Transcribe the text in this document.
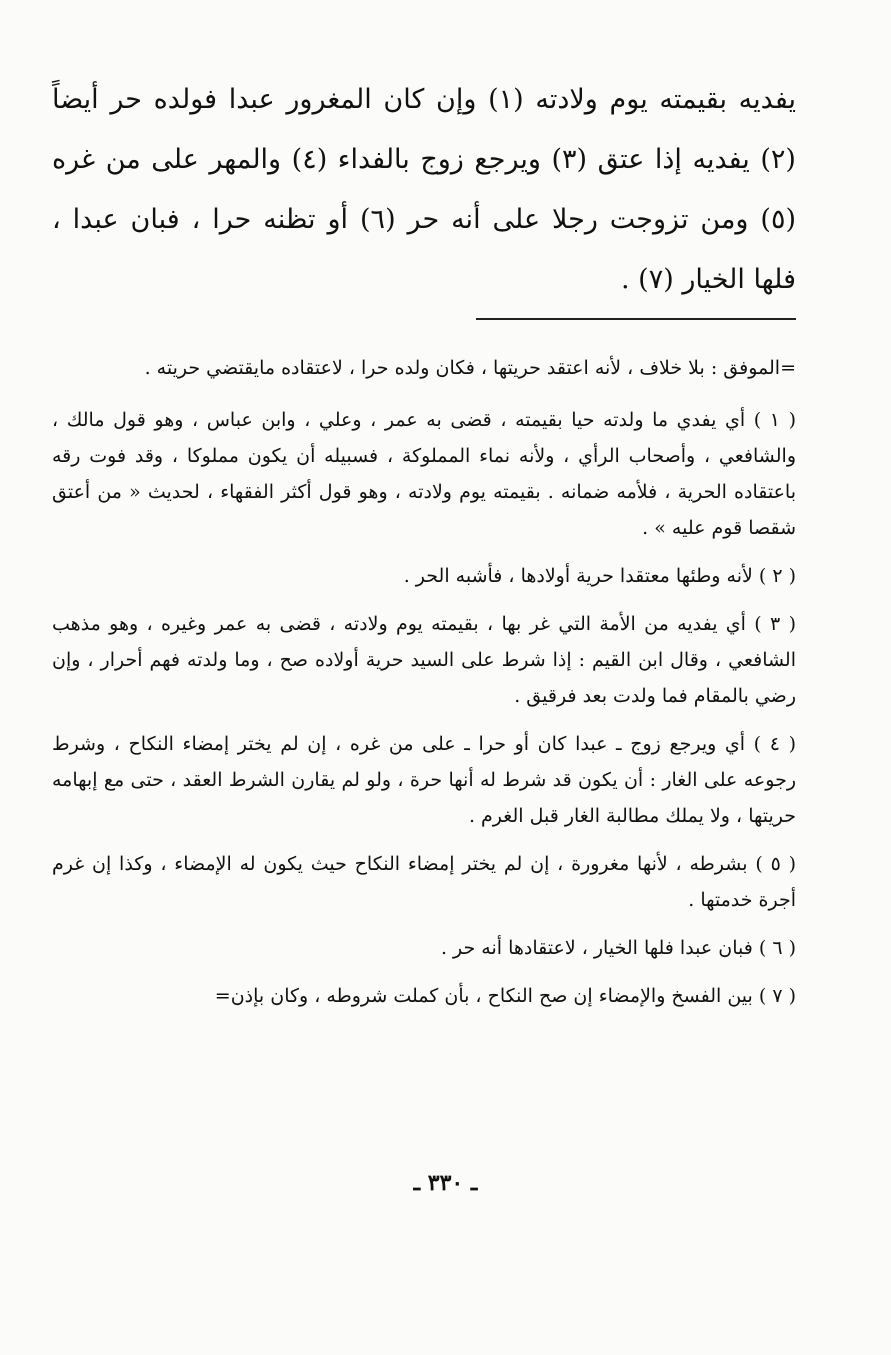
يفديه بقيمته يوم ولادته (١) وإن كان المغرور عبدا فولده حر أيضاً (٢) يفديه إذا عتق (٣) ويرجع زوج بالفداء (٤) والمهر على من غره (٥) ومن تزوجت رجلا على أنه حر (٦) أو تظنه حرا ، فبان عبدا ، فلها الخيار (٧) .

=الموفق : بلا خلاف ، لأنه اعتقد حريتها ، فكان ولده حرا ، لاعتقاده مايقتضي حريته .

( ١ ) أي يفدي ما ولدته حيا بقيمته ، قضى به عمر ، وعلي ، وابن عباس ، وهو قول مالك ، والشافعي ، وأصحاب الرأي ، ولأنه نماء المملوكة ، فسبيله أن يكون مملوكا ، وقد فوت رقه باعتقاده الحرية ، فلأمه ضمانه . بقيمته يوم ولادته ، وهو قول أكثر الفقهاء ، لحديث « من أعتق شقصا قوم عليه » .

( ٢ ) لأنه وطئها معتقدا حرية أولادها ، فأشبه الحر .

( ٣ ) أي يفديه من الأمة التي غر بها ، بقيمته يوم ولادته ، قضى به عمر وغيره ، وهو مذهب الشافعي ، وقال ابن القيم : إذا شرط على السيد حرية أولاده صح ، وما ولدته فهم أحرار ، وإن رضي بالمقام فما ولدت بعد فرقيق .

( ٤ ) أي ويرجع زوج ـ عبدا كان أو حرا ـ على من غره ، إن لم يختر إمضاء النكاح ، وشرط رجوعه على الغار : أن يكون قد شرط له أنها حرة ، ولو لم يقارن الشرط العقد ، حتى مع إبهامه حريتها ، ولا يملك مطالبة الغار قبل الغرم .

( ٥ ) بشرطه ، لأنها مغرورة ، إن لم يختر إمضاء النكاح حيث يكون له الإمضاء ، وكذا إن غرم أجرة خدمتها .

( ٦ ) فبان عبدا فلها الخيار ، لاعتقادها أنه حر .

( ٧ ) بين الفسخ والإمضاء إن صح النكاح ، بأن كملت شروطه ، وكان بإذن=

ـ ٣٣٠ ـ
